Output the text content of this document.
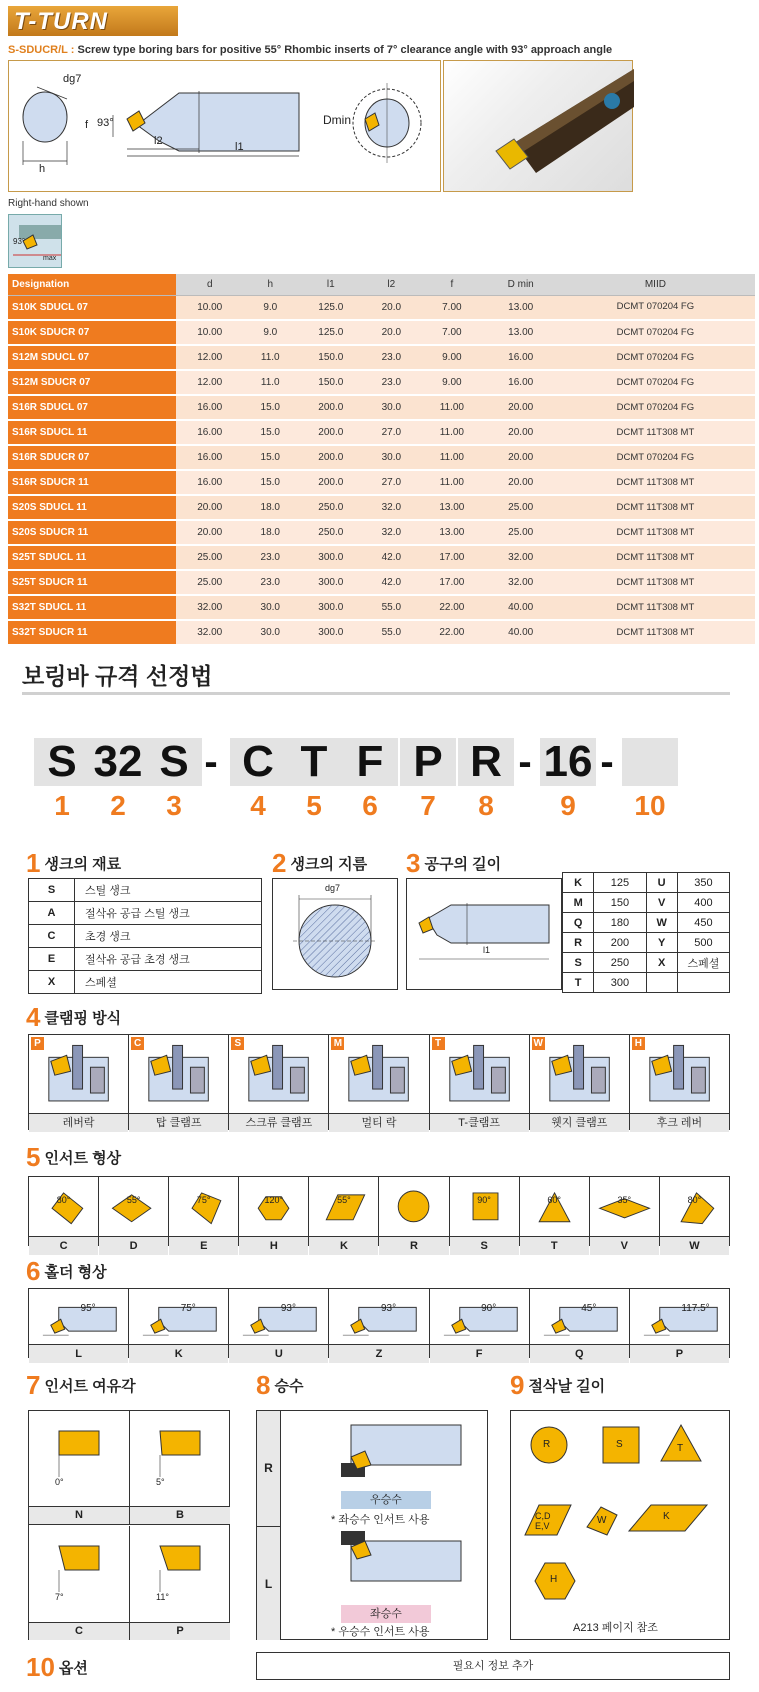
T-TURN
S-SDUCR/L : Screw type boring bars for positive 55° Rhombic inserts of 7° clearance angle with 93° approach angle
dg7
f 93°
h
l2	l1
Dmin
Right-hand shown
93°
max
Designation	d	h	l1	l2	f	D min	MIID
S10K SDUCL 07	10.00	9.0	125.0	20.0	7.00	13.00	DCMT 070204 FG
S10K SDUCR 07	10.00	9.0	125.0	20.0	7.00	13.00	DCMT 070204 FG
S12M SDUCL 07	12.00	11.0	150.0	23.0	9.00	16.00	DCMT 070204 FG
S12M SDUCR 07	12.00	11.0	150.0	23.0	9.00	16.00	DCMT 070204 FG
S16R SDUCL 07	16.00	15.0	200.0	30.0	11.00	20.00	DCMT 070204 FG
S16R SDUCL 11	16.00	15.0	200.0	27.0	11.00	20.00	DCMT 11T308 MT
S16R SDUCR 07	16.00	15.0	200.0	30.0	11.00	20.00	DCMT 070204 FG
S16R SDUCR 11	16.00	15.0	200.0	27.0	11.00	20.00	DCMT 11T308 MT
S20S SDUCL 11	20.00	18.0	250.0	32.0	13.00	25.00	DCMT 11T308 MT
S20S SDUCR 11	20.00	18.0	250.0	32.0	13.00	25.00	DCMT 11T308 MT
S25T SDUCL 11	25.00	23.0	300.0	42.0	17.00	32.00	DCMT 11T308 MT
S25T SDUCR 11	25.00	23.0	300.0	42.0	17.00	32.00	DCMT 11T308 MT
S32T SDUCL 11	32.00	30.0	300.0	55.0	22.00	40.00	DCMT 11T308 MT
S32T SDUCR 11	32.00	30.0	300.0	55.0	22.00	40.00	DCMT 11T308 MT
보링바 규격 선정법
S 32 S	C T F P R 16
-	- -
1	2	3	4	5	6	7	8	9	10
1 생크의 재료
S	스틸 생크
A	절삭유 공급 스틸 생크
C	초경 생크
E	절삭유 공급 초경 생크
X	스페셜
2 생크의 지름
dg7
3 공구의 길이
l1
K	125	U	350
M	150	V	400
Q	180	W	450
R	200	Y	500
S	250	X	스페셜
T	300		
4 클램핑 방식
P
레버락
C
탑 클램프
S
스크류 클램프
M
멀티 락
T
T-클램프
W
웻지 클램프
H
후크 레버
5 인서트 형상
80°
C
55°
D
75°
E
120°
H
55°
K	R
90°
S
60°
T
35°
V
80°
W
6 홀더 형상
95°
L
75°
K
93°
U
93°
Z
90°
F
45°
Q
117.5°
P
7 인서트 여유각
0°
N
5°
B
7°
C
11°
P
8 승수
R
L
우승수
* 좌승수 인서트 사용
좌승수
* 우승수 인서트 사용
9 절삭날 길이
R	S	T
C,D E,V	W	K
H
A213 페이지 참조
10 옵션	필요시 정보 추가
